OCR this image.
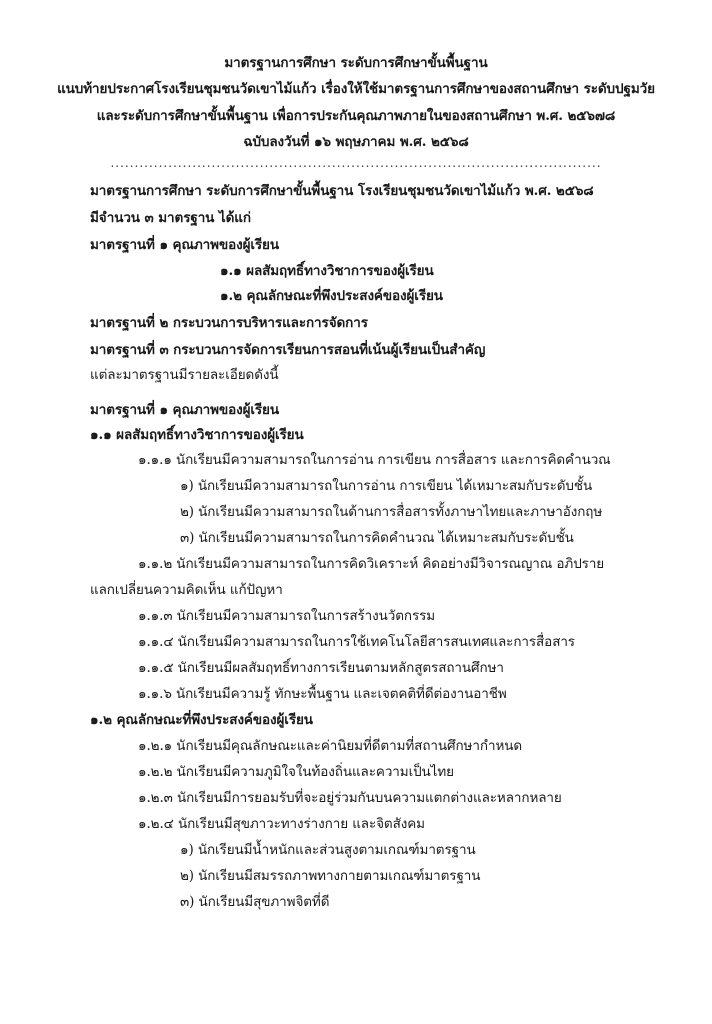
มาตรฐานการศึกษา ระดับการศึกษาขั้นพื้นฐาน
แนบท้ายประกาศโรงเรียนชุมชนวัดเขาไม้แก้ว เรื่องให้ใช้มาตรฐานการศึกษาของสถานศึกษา ระดับปฐมวัย
และระดับการศึกษาขั้นพื้นฐาน เพื่อการประกันคุณภาพภายในของสถานศึกษา พ.ศ. ๒๕๖๗๘
ฉบับลงวันที่ ๑๖ พฤษภาคม พ.ศ. ๒๕๖๘
......................................................................................................
มาตรฐานการศึกษา ระดับการศึกษาขั้นพื้นฐาน โรงเรียนชุมชนวัดเขาไม้แก้ว พ.ศ. ๒๕๖๘
มีจำนวน ๓ มาตรฐาน ได้แก่
มาตรฐานที่ ๑ คุณภาพของผู้เรียน
๑.๑ ผลสัมฤทธิ์ทางวิชาการของผู้เรียน
๑.๒ คุณลักษณะที่พึงประสงค์ของผู้เรียน
มาตรฐานที่ ๒ กระบวนการบริหารและการจัดการ
มาตรฐานที่ ๓ กระบวนการจัดการเรียนการสอนที่เน้นผู้เรียนเป็นสำคัญ
แต่ละมาตรฐานมีรายละเอียดดังนี้
มาตรฐานที่ ๑ คุณภาพของผู้เรียน
๑.๑ ผลสัมฤทธิ์ทางวิชาการของผู้เรียน
๑.๑.๑ นักเรียนมีความสามารถในการอ่าน การเขียน การสื่อสาร และการคิดคำนวณ
๑) นักเรียนมีความสามารถในการอ่าน การเขียน ได้เหมาะสมกับระดับชั้น
๒) นักเรียนมีความสามารถในด้านการสื่อสารทั้งภาษาไทยและภาษาอังกฤษ
๓) นักเรียนมีความสามารถในการคิดคำนวณ ได้เหมาะสมกับระดับชั้น
๑.๑.๒ นักเรียนมีความสามารถในการคิดวิเคราะห์ คิดอย่างมีวิจารณญาณ อภิปราย
แลกเปลี่ยนความคิดเห็น แก้ปัญหา
๑.๑.๓ นักเรียนมีความสามารถในการสร้างนวัตกรรม
๑.๑.๔ นักเรียนมีความสามารถในการใช้เทคโนโลยีสารสนเทศและการสื่อสาร
๑.๑.๕ นักเรียนมีผลสัมฤทธิ์ทางการเรียนตามหลักสูตรสถานศึกษา
๑.๑.๖ นักเรียนมีความรู้ ทักษะพื้นฐาน และเจตคติที่ดีต่องานอาชีพ
๑.๒ คุณลักษณะที่พึงประสงค์ของผู้เรียน
๑.๒.๑ นักเรียนมีคุณลักษณะและค่านิยมที่ดีตามที่สถานศึกษากำหนด
๑.๒.๒ นักเรียนมีความภูมิใจในท้องถิ่นและความเป็นไทย
๑.๒.๓ นักเรียนมีการยอมรับที่จะอยู่ร่วมกันบนความแตกต่างและหลากหลาย
๑.๒.๔ นักเรียนมีสุขภาวะทางร่างกาย และจิตสังคม
๑) นักเรียนมีน้ำหนักและส่วนสูงตามเกณฑ์มาตรฐาน
๒) นักเรียนมีสมรรถภาพทางกายตามเกณฑ์มาตรฐาน
๓) นักเรียนมีสุขภาพจิตที่ดี
